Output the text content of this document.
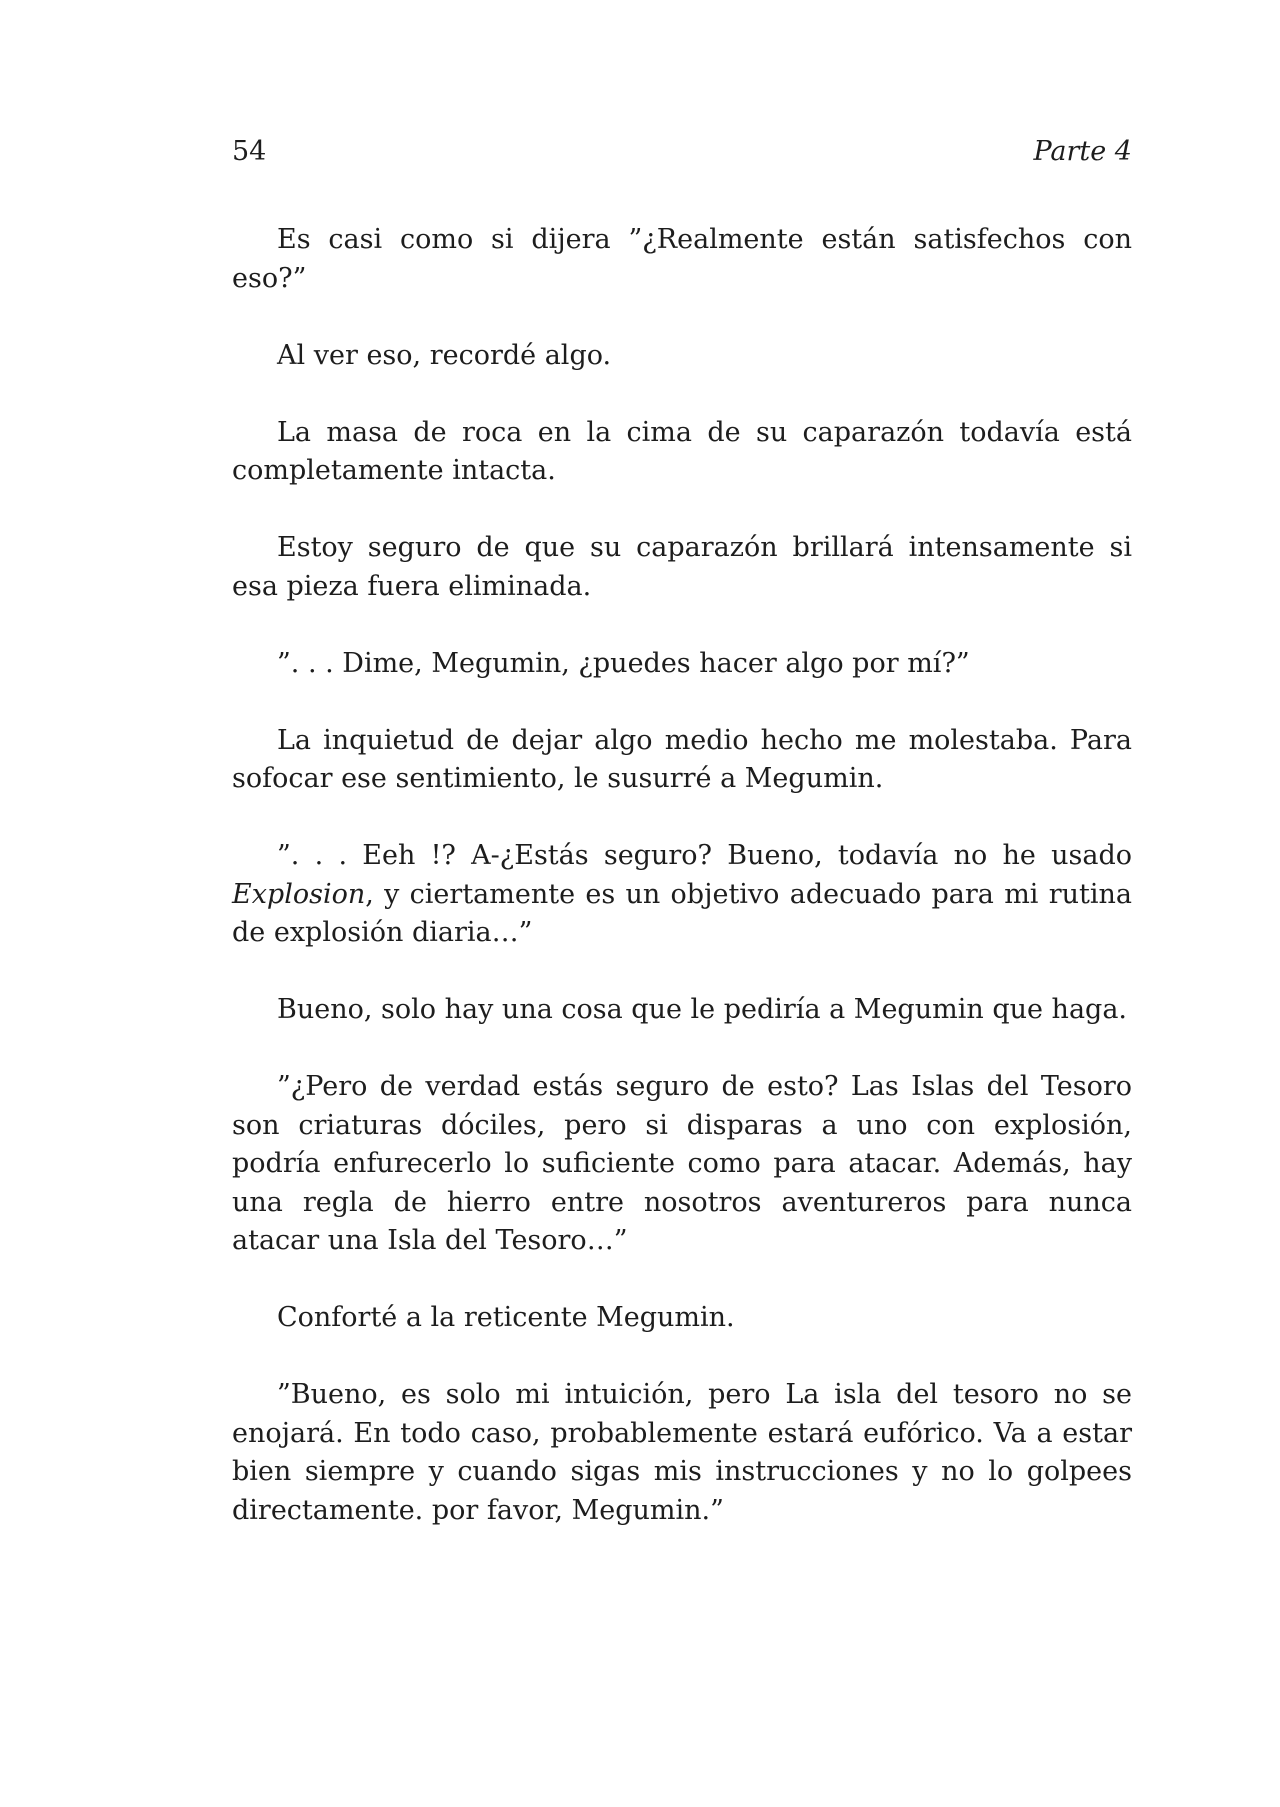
54	Parte 4

Es casi como si dijera ”¿Realmente están satisfechos con eso?”

Al ver eso, recordé algo.

La masa de roca en la cima de su caparazón todavía está completamente intacta.

Estoy seguro de que su caparazón brillará intensamente si esa pieza fuera eliminada.

”. . . Dime, Megumin, ¿puedes hacer algo por mí?”

La inquietud de dejar algo medio hecho me molestaba. Para sofocar ese sentimiento, le susurré a Megumin.

”. . . Eeh !? A-¿Estás seguro? Bueno, todavía no he usado Explosion, y ciertamente es un objetivo adecuado para mi rutina de explosión diaria…”

Bueno, solo hay una cosa que le pediría a Megumin que haga.

”¿Pero de verdad estás seguro de esto? Las Islas del Tesoro son criaturas dóciles, pero si disparas a uno con explosión, podría enfurecerlo lo suficiente como para atacar. Además, hay una regla de hierro entre nosotros aventureros para nunca atacar una Isla del Tesoro…”

Conforté a la reticente Megumin.

”Bueno, es solo mi intuición, pero La isla del tesoro no se enojará. En todo caso, probablemente estará eufórico. Va a estar bien siempre y cuando sigas mis instrucciones y no lo golpees directamente. por favor, Megumin.”
